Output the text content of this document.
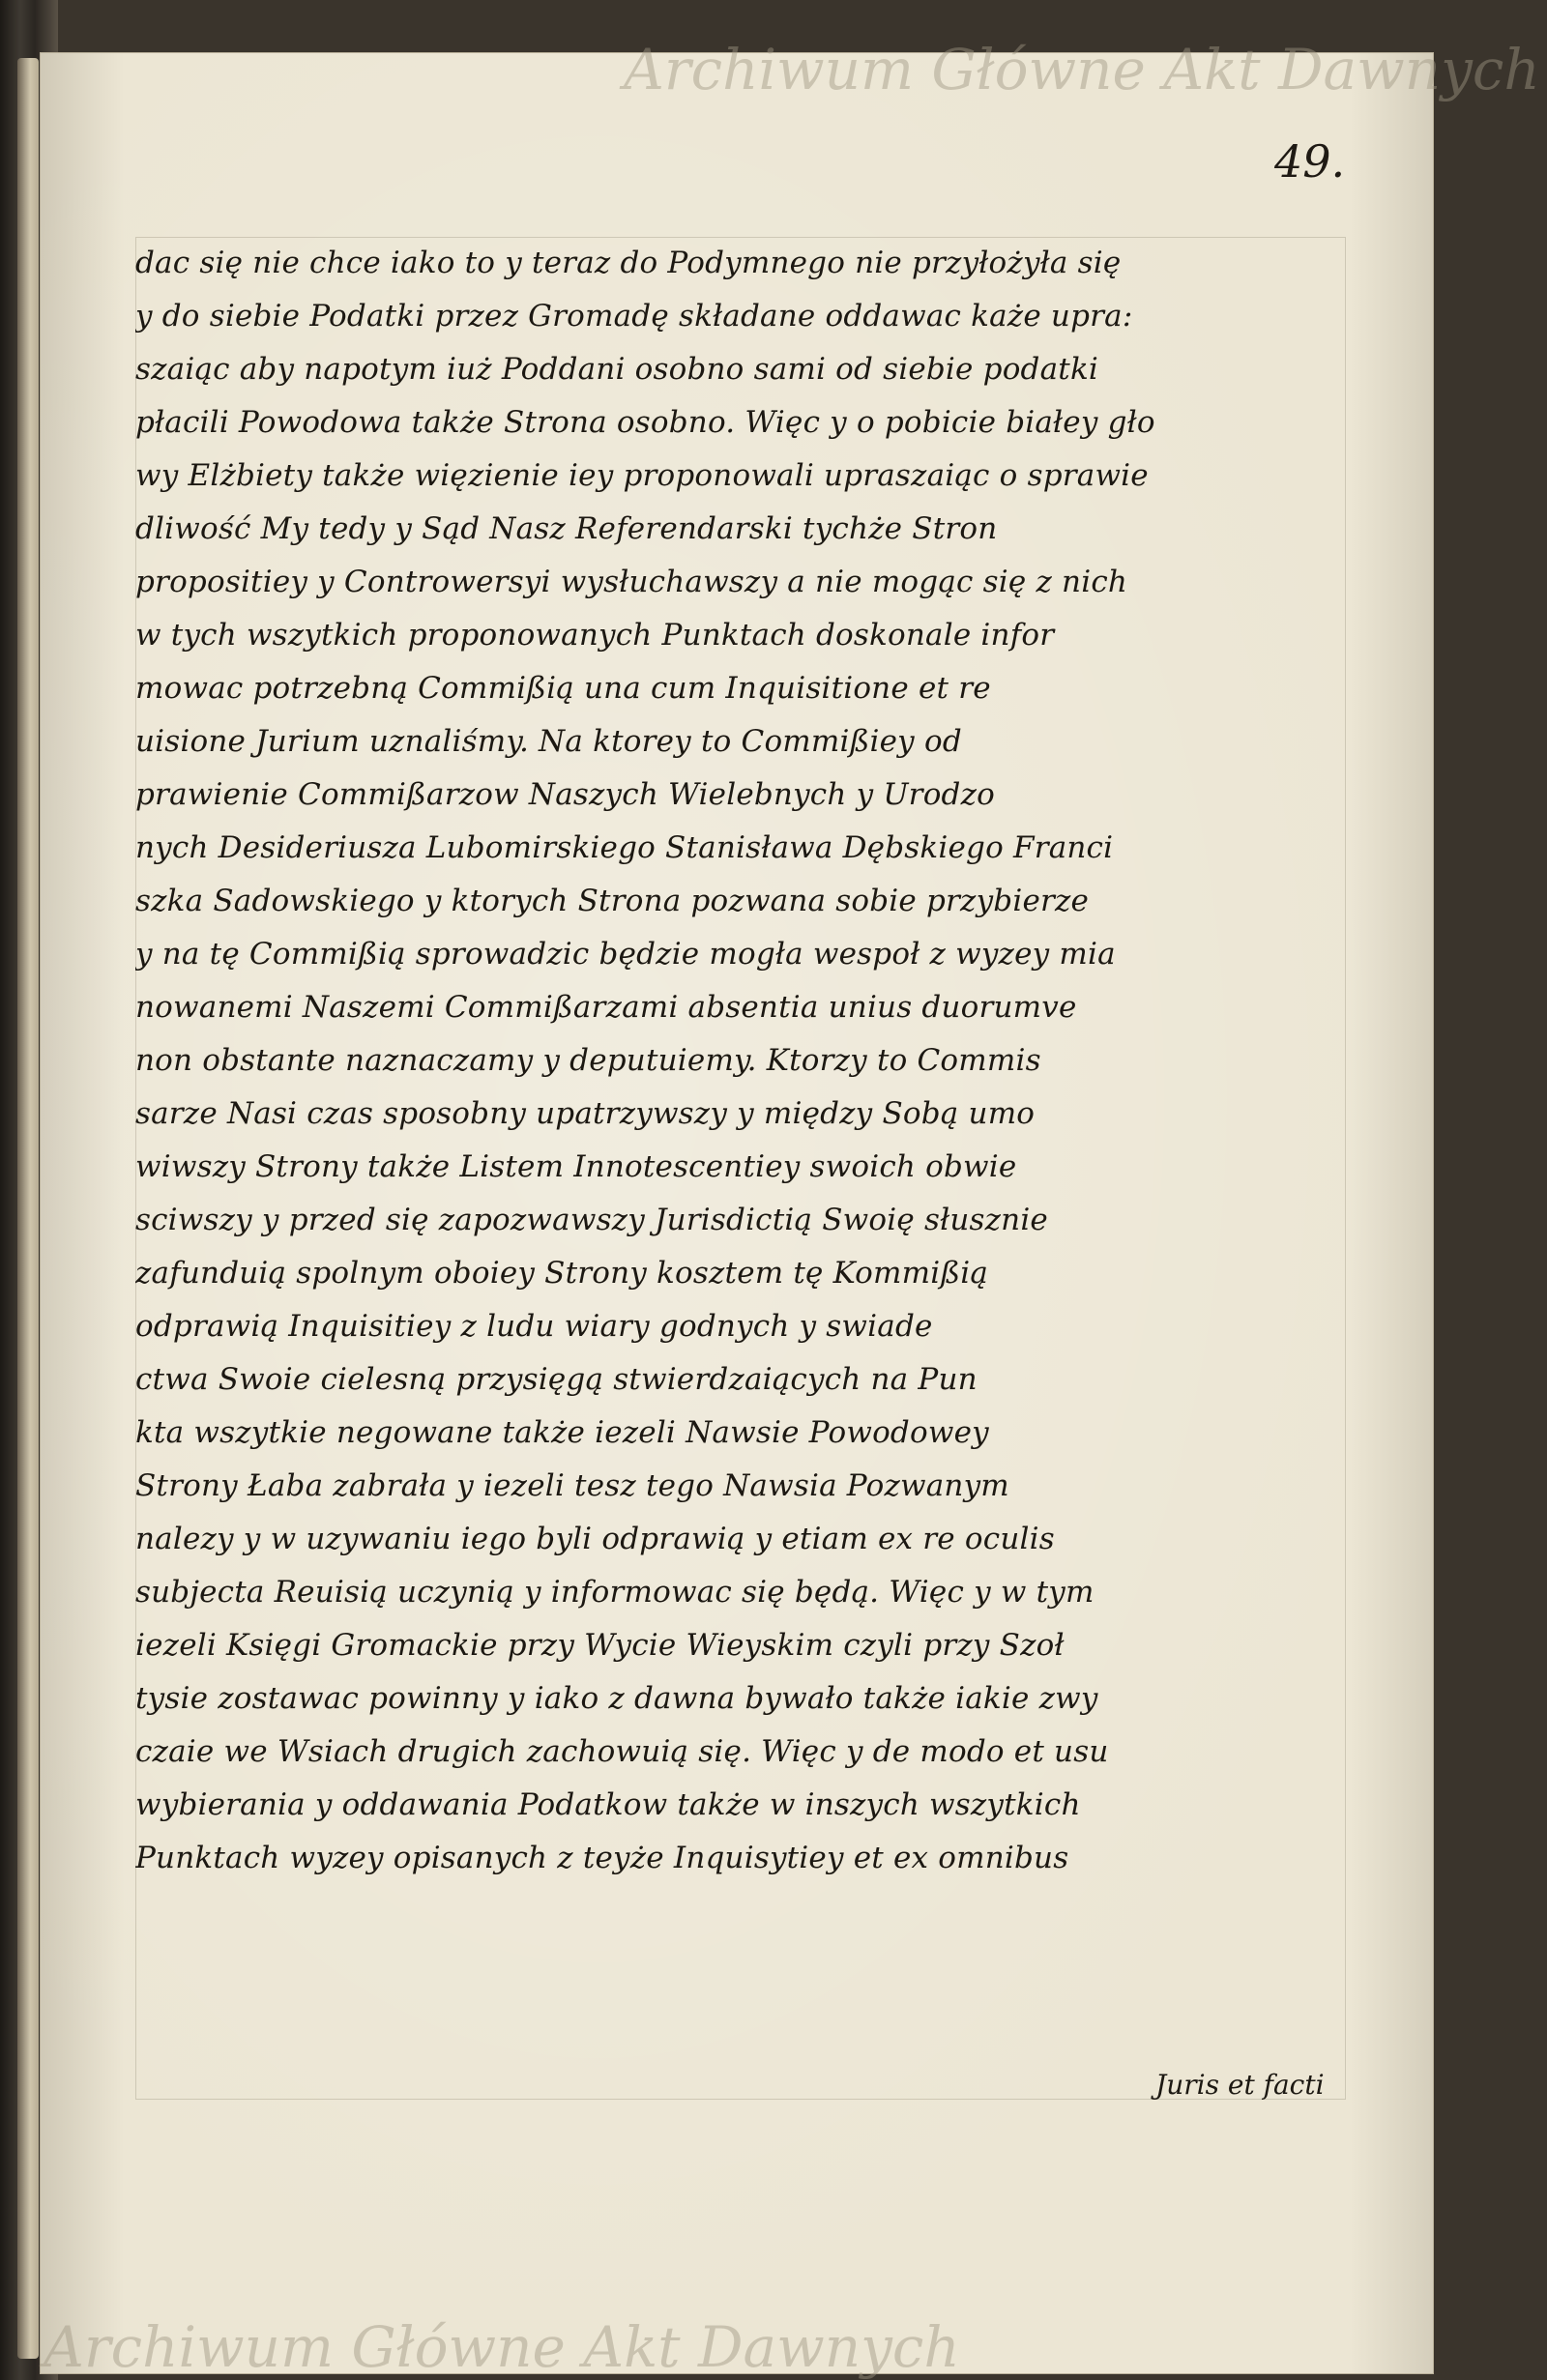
Archiwum Główne Akt Dawnych
49.
dac się nie chce iako to y teraz do Podymnego nie przyłożyła się
y do siebie Podatki przez Gromadę składane oddawac każe upra:
szaiąc aby napotym iuż Poddani osobno sami od siebie podatki
płacili Powodowa także Strona osobno. Więc y o pobicie białey gło
wy Elżbiety także więzienie iey proponowali upraszaiąc o sprawie
dliwość My tedy y Sąd Nasz Referendarski tychże Stron
propositiey y Controwersyi wysłuchawszy a nie mogąc się z nich
w tych wszytkich proponowanych Punktach doskonale infor
mowac potrzebną Commißią una cum Inquisitione et re
uisione Jurium uznaliśmy. Na ktorey to Commißiey od
prawienie Commißarzow Naszych Wielebnych y Urodzo
nych Desideriusza Lubomirskiego Stanisława Dębskiego Franci
szka Sadowskiego y ktorych Strona pozwana sobie przybierze
y na tę Commißią sprowadzic będzie mogła wespoł z wyzey mia
nowanemi Naszemi Commißarzami absentia unius duorumve
non obstante naznaczamy y deputuiemy. Ktorzy to Commis
sarze Nasi czas sposobny upatrzywszy y między Sobą umo
wiwszy Strony także Listem Innotescentiey swoich obwie
sciwszy y przed się zapozwawszy Jurisdictią Swoię słusznie
zafunduią spolnym oboiey Strony kosztem tę Kommißią
odprawią Inquisitiey z ludu wiary godnych y swiade
ctwa Swoie cielesną przysięgą stwierdzaiących na Pun
kta wszytkie negowane także iezeli Nawsie Powodowey
Strony Łaba zabrała y iezeli tesz tego Nawsia Pozwanym
nalezy y w uzywaniu iego byli odprawią y etiam ex re oculis
subjecta Reuisią uczynią y informowac się będą. Więc y w tym
iezeli Księgi Gromackie przy Wycie Wieyskim czyli przy Szoł
tysie zostawac powinny y iako z dawna bywało także iakie zwy
czaie we Wsiach drugich zachowuią się. Więc y de modo et usu
wybierania y oddawania Podatkow także w inszych wszytkich
Punktach wyzey opisanych z teyże Inquisytiey et ex omnibus
Juris et facti
Archiwum Główne Akt Dawnych
